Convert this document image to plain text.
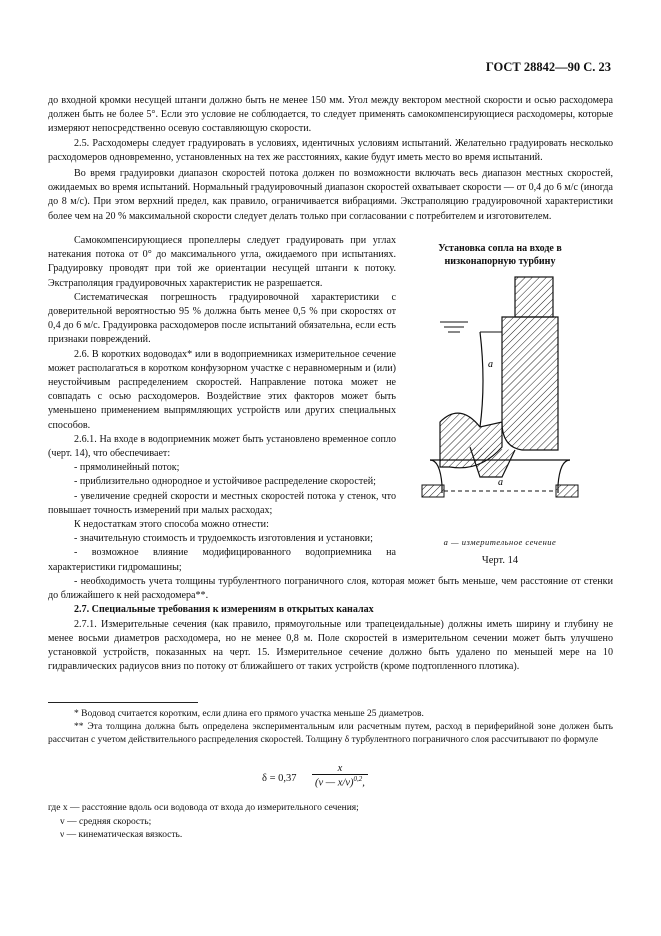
ГОСТ 28842—90 С. 23

до входной кромки несущей штанги должно быть не менее 150 мм. Угол между вектором местной скорости и осью расходомера должен быть не более 5°. Если это условие не соблюдается, то следует применять самокомпенсирующиеся расходомеры, которые измеряют непосредственно осевую составляющую скорости.

2.5. Расходомеры следует градуировать в условиях, идентичных условиям испытаний. Желательно градуировать несколько расходомеров одновременно, установленных на тех же расстояниях, какие будут иметь место во время испытаний.

Во время градуировки диапазон скоростей потока должен по возможности включать весь диапазон местных скоростей, ожидаемых во время испытаний. Нормальный градуировочный диапазон скоростей охватывает скорости — от 0,4 до 6 м/с (иногда до 8 м/с). При этом верхний предел, как правило, ограничивается вибрациями. Экстраполяцию градуировочной характеристики более чем на 20 % максимальной скорости следует делать только при согласовании с потребителем и изготовителем.

Самокомпенсирующиеся пропеллеры следует градуировать при углах натекания потока от 0° до максимального угла, ожидаемого при испытаниях. Градуировку проводят при той же ориентации несущей штанги к потоку. Экстраполяция градуировочных характеристик не разрешается.

Систематическая погрешность градуировочной характеристики с доверительной вероятностью 95 % должна быть менее 0,5 % при скоростях от 0,4 до 6 м/с. Градуировка расходомеров после испытаний обязательна, если есть признаки повреждений.

2.6. В коротких водоводах* или в водоприемниках измерительное сечение может располагаться в коротком конфузорном участке с неравномерным и (или) неустойчивым распределением скоростей. Направление потока может не совпадать с осью расходомеров. Воздействие этих факторов может быть уменьшено применением выпрямляющих устройств или других специальных способов.

2.6.1. На входе в водоприемник может быть установлено временное сопло (черт. 14), что обеспечивает:

- прямолинейный поток;

- приблизительно однородное и устойчивое распределение скоростей;

- увеличение средней скорости и местных скоростей потока у стенок, что повышает точность измерений при малых расходах;

К недостаткам этого способа можно отнести:

- значительную стоимость и трудоемкость изготовления и установки;

- возможное влияние модифицированного водоприемника на характеристики гидромашины;

- необходимость учета толщины турбулентного пограничного слоя, которая может быть меньше, чем расстояние от стенки до ближайшего к ней расходомера**.

2.7. Специальные требования к измерениям в открытых каналах

2.7.1. Измерительные сечения (как правило, прямоугольные или трапецеидальные) должны иметь ширину и глубину не менее восьми диаметров расходомера, но не менее 0,8 м. Поле скоростей в измерительном сечении может быть улучшено установкой устройств, показанных на черт. 15. Измерительное сечение должно быть удалено по меньшей мере на 10 гидравлических радиусов вниз по потоку от ближайшего от таких устройств (кроме подтопленного плотика).

Установка сопла на входе в низконапорную турбину
a
a
а — измерительное сечение
Черт. 14

* Водовод считается коротким, если длина его прямого участка меньше 25 диаметров.

** Эта толщина должна быть определена экспериментальным или расчетным путем, расход в периферийной зоне должен быть рассчитан с учетом действительного распределения скоростей. Толщину δ турбулентного пограничного слоя рассчитывают по формуле

$\delta = 0,37 \frac{x}{(v — x/v)^{0,2},}$
где x — расстояние вдоль оси водовода от входа до измерительного сечения;
v — средняя скорость;
ν — кинематическая вязкость.
